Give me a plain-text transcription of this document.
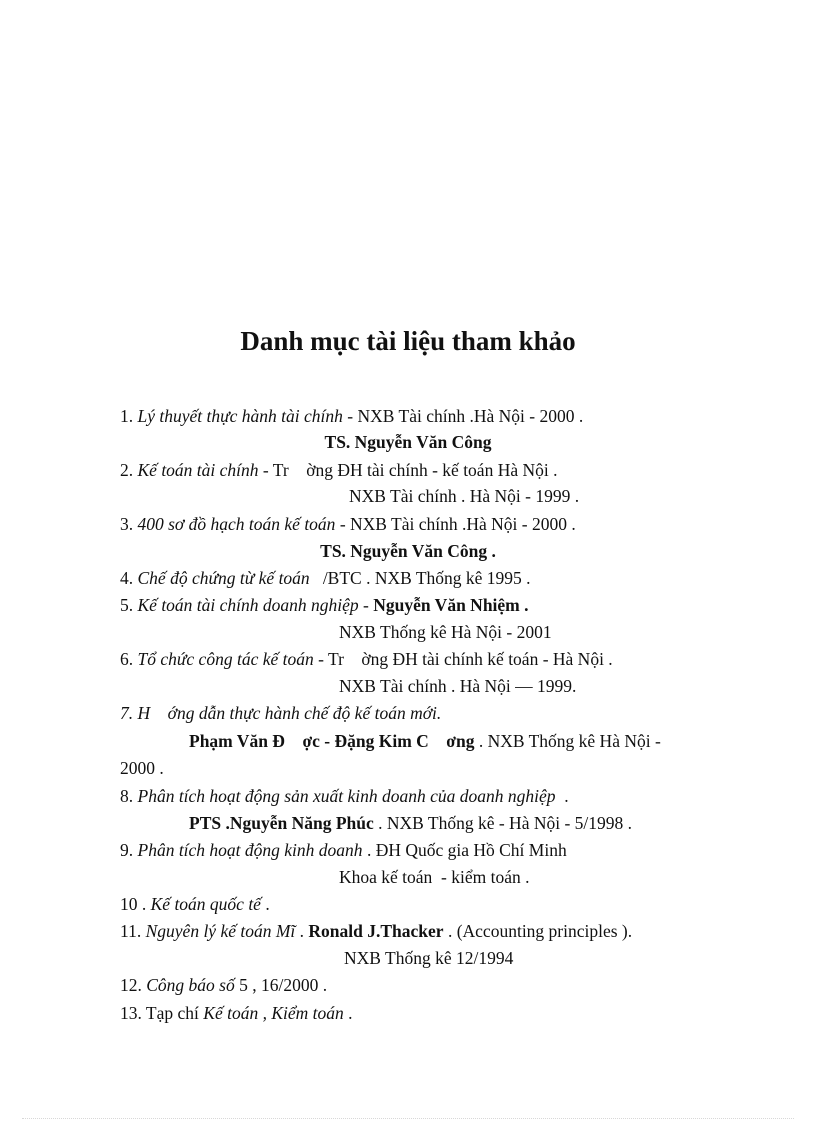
Danh mục tài liệu tham khảo
1. Lý thuyết thực hành tài chính - NXB Tài chính .Hà Nội - 2000 .
TS. Nguyễn Văn Công
2. Kế toán tài chính - Tr    ờng ĐH tài chính - kế toán Hà Nội .
NXB Tài chính . Hà Nội - 1999 .
3. 400 sơ đồ hạch toán kế toán - NXB Tài chính .Hà Nội - 2000 .
TS. Nguyễn Văn Công .
4. Chế độ chứng từ kế toán   /BTC . NXB Thống kê 1995 .
5. Kế toán tài chính doanh nghiệp - Nguyễn Văn Nhiệm .
NXB Thống kê Hà Nội - 2001
6. Tổ chức công tác kế toán - Tr    ờng ĐH tài chính kế toán - Hà Nội .
NXB Tài chính . Hà Nội — 1999.
7. H    ớng dẫn thực hành chế độ kế toán mới.
Phạm Văn Đ    ợc - Đặng Kim C    ơng . NXB Thống kê Hà Nội -
2000 .
8. Phân tích hoạt động sản xuất kinh doanh của doanh nghiệp  .
PTS .Nguyễn Năng Phúc . NXB Thống kê - Hà Nội - 5/1998 .
9. Phân tích hoạt động kinh doanh . ĐH Quốc gia Hồ Chí Minh
Khoa kế toán  - kiểm toán .
10 . Kế toán quốc tế .
11. Nguyên lý kế toán Mĩ . Ronald J.Thacker . (Accounting principles ).
NXB Thống kê 12/1994
12. Công báo số 5 , 16/2000 .
13. Tạp chí Kế toán , Kiểm toán .
